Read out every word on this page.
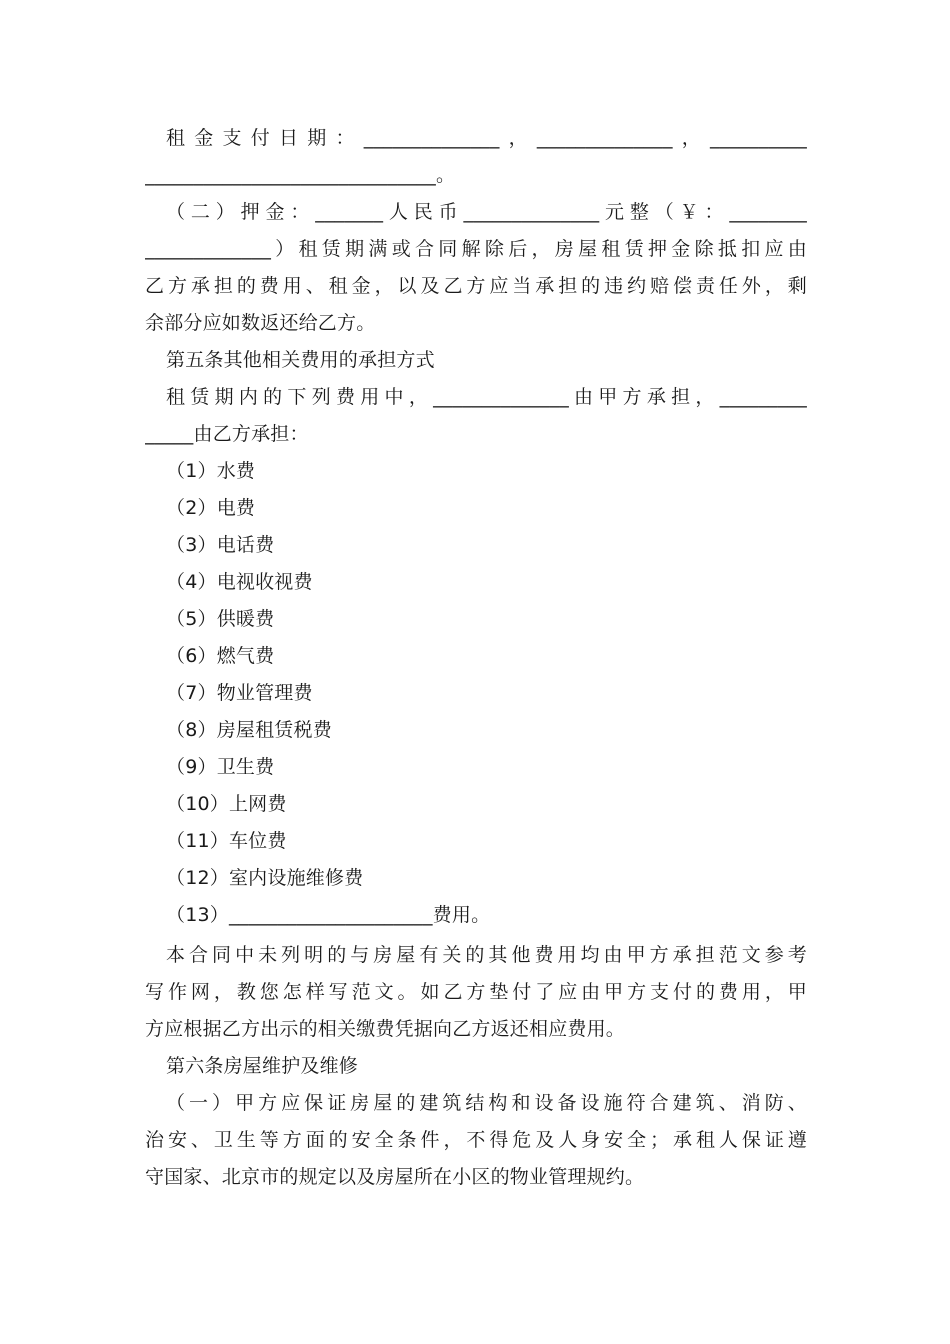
租金支付日期：______________，______________，__________
______________________________。
（二）押金：_______人民币______________元整（￥：________
_____________）租赁期满或合同解除后，房屋租赁押金除抵扣应由
乙方承担的费用、租金，以及乙方应当承担的违约赔偿责任外，剩
余部分应如数返还给乙方。
第五条其他相关费用的承担方式
租赁期内的下列费用中，______________由甲方承担，_________
_____由乙方承担：
（1）水费
（2）电费
（3）电话费
（4）电视收视费
（5）供暖费
（6）燃气费
（7）物业管理费
（8）房屋租赁税费
（9）卫生费
（10）上网费
（11）车位费
（12）室内设施维修费
（13）_____________________费用。
本合同中未列明的与房屋有关的其他费用均由甲方承担范文参考
写作网，教您怎样写范文。如乙方垫付了应由甲方支付的费用，甲
方应根据乙方出示的相关缴费凭据向乙方返还相应费用。
第六条房屋维护及维修
（一）甲方应保证房屋的建筑结构和设备设施符合建筑、消防、
治安、卫生等方面的安全条件，不得危及人身安全；承租人保证遵
守国家、北京市的规定以及房屋所在小区的物业管理规约。
